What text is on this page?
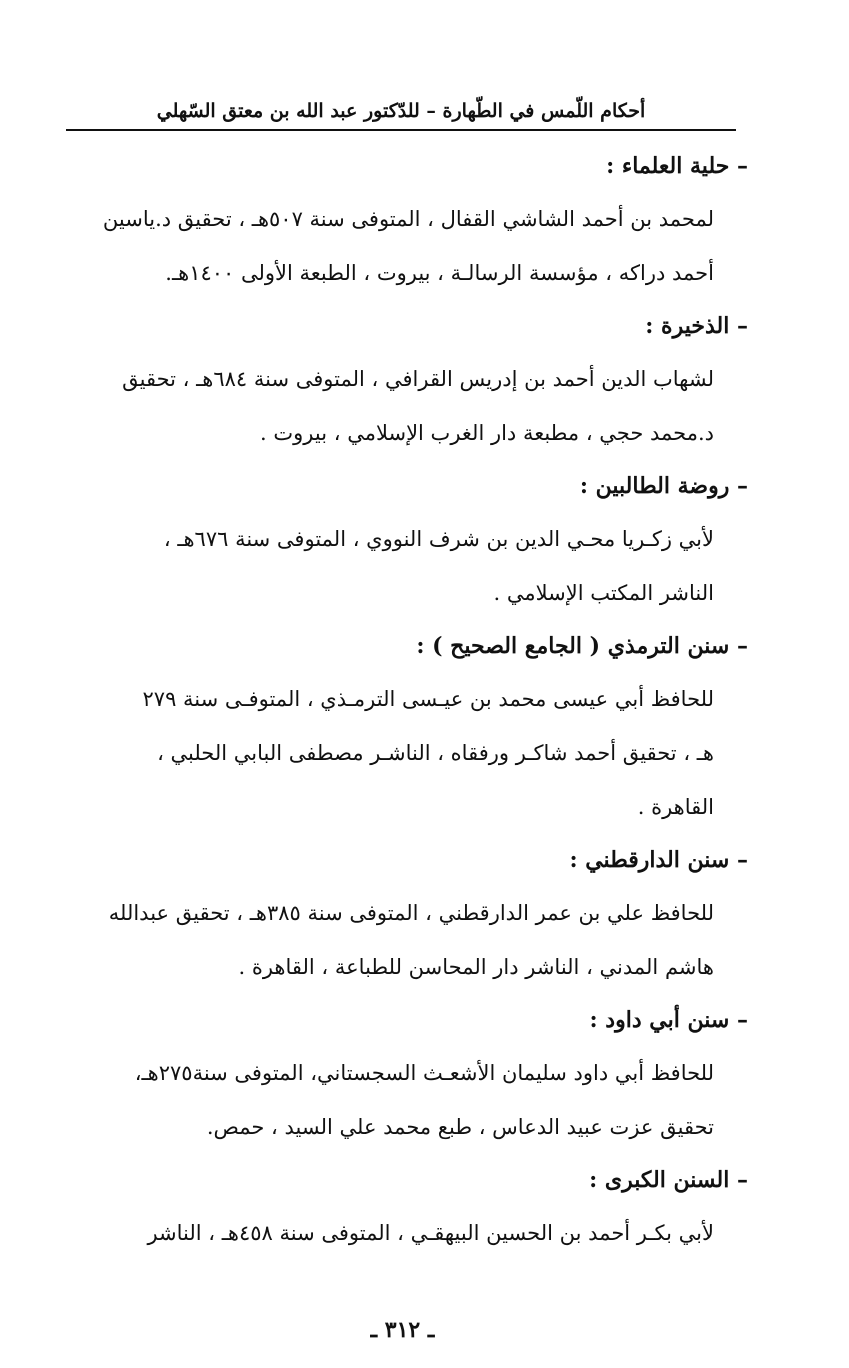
أحكام اللّمس في الطّهارة – للدّكتور عبد الله بن معتق السّهلي
– حلية العلماء :
لمحمد بن أحمد الشاشي القفال ، المتوفى سنة ٥٠٧هـ ، تحقيق د.ياسين
أحمد دراكه ، مؤسسة الرسالـة ، بيروت ، الطبعة الأولى ١٤٠٠هـ.
– الذخيرة :
لشهاب الدين أحمد بن إدريس القرافي ، المتوفى سنة ٦٨٤هـ ، تحقيق
د.محمد حجي ، مطبعة دار الغرب الإسلامي ، بيروت .
– روضة الطالبين :
لأبي زكـريا محـي الدين بن شرف النووي ، المتوفى سنة ٦٧٦هـ ،
الناشر المكتب الإسلامي .
– سنن الترمذي ( الجامع الصحيح ) :
للحافظ أبي عيسى محمد بن عيـسى الترمـذي ، المتوفـى سنة ٢٧٩
هـ ، تحقيق أحمد شاكـر ورفقاه ، الناشـر مصطفى البابي الحلبي ،
القاهرة .
– سنن الدارقطني :
للحافظ علي بن عمر الدارقطني ، المتوفى سنة ٣٨٥هـ ، تحقيق عبدالله
هاشم المدني ، الناشر دار المحاسن للطباعة ، القاهرة .
– سنن أبي داود :
للحافظ أبي داود سليمان الأشعـث السجستاني، المتوفى سنة٢٧٥هـ،
تحقيق عزت عبيد الدعاس ، طبع محمد علي السيد ، حمص.
– السنن الكبرى :
لأبي بكـر أحمد بن الحسين البيهقـي ، المتوفى سنة ٤٥٨هـ ، الناشر
ـ ٣١٢ ـ
